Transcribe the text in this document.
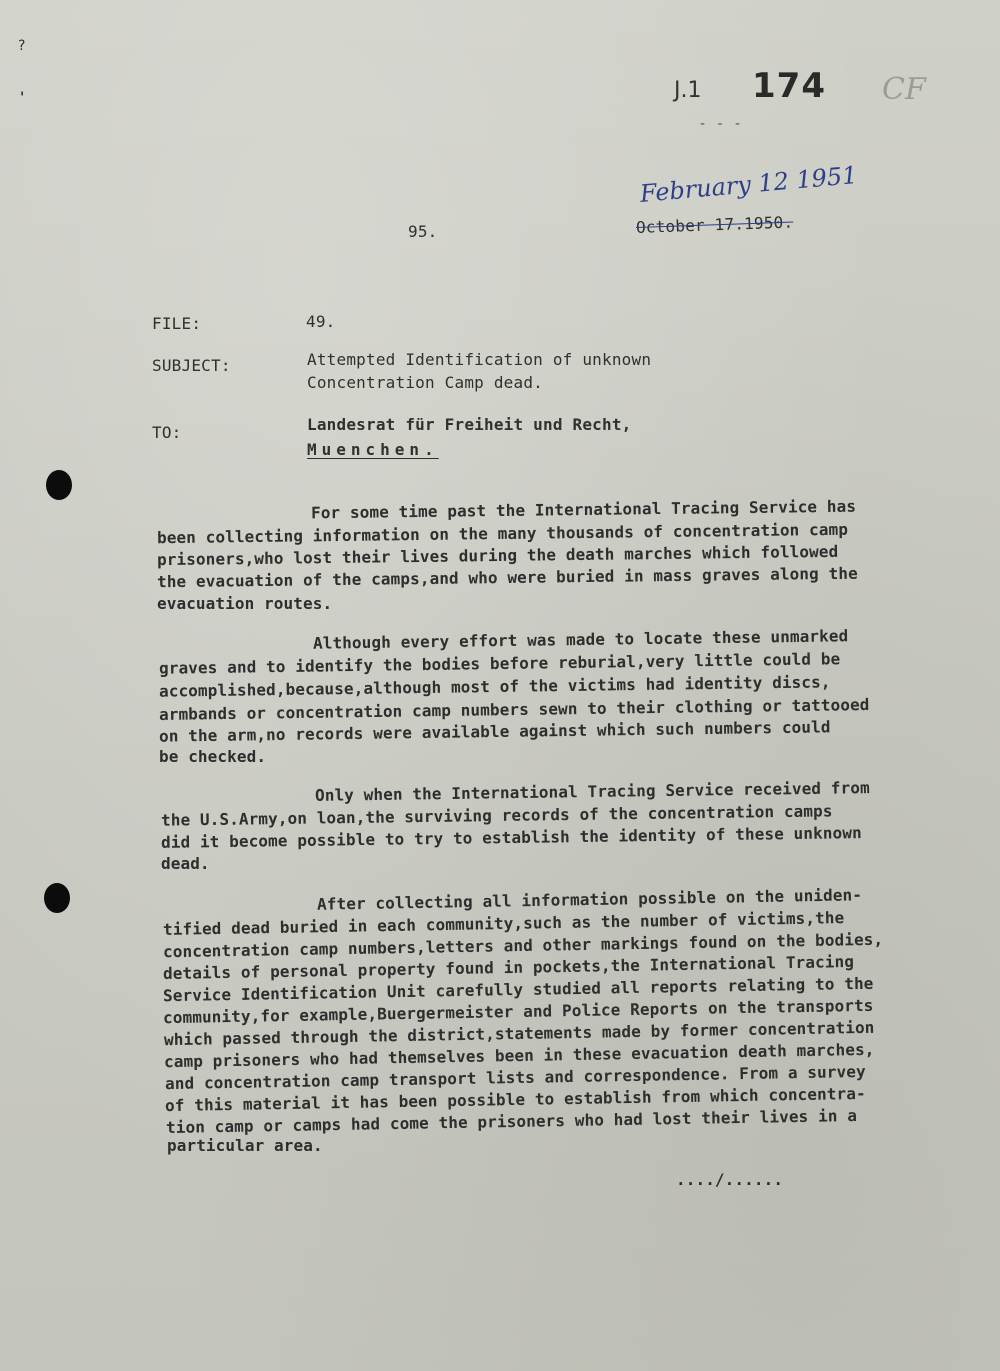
?
'	J.1 174 CF
- - -
February 12 1951
October 17.1950.
95.
FILE:	49.
SUBJECT:	Attempted Identification of unknown
Concentration Camp dead.
TO:	Landesrat für Freiheit und Recht,
Muenchen.
For some time past the International Tracing Service has
been collecting information on the many thousands of concentration camp
prisoners,who lost their lives during the death marches which followed
the evacuation of the camps,and who were buried in mass graves along the
evacuation routes.
Although every effort was made to locate these unmarked
graves and to identify the bodies before reburial,very little could be
accomplished,because,although most of the victims had identity discs,
armbands or concentration camp numbers sewn to their clothing or tattooed
on the arm,no records were available against which such numbers could
be checked.
Only when the International Tracing Service received from
the U.S.Army,on loan,the surviving records of the concentration camps
did it become possible to try to establish the identity of these unknown
dead.
After collecting all information possible on the uniden-
tified dead buried in each community,such as the number of victims,the
concentration camp numbers,letters and other markings found on the bodies,
details of personal property found in pockets,the International Tracing
Service Identification Unit carefully studied all reports relating to the
community,for example,Buergermeister and Police Reports on the transports
which passed through the district,statements made by former concentration
camp prisoners who had themselves been in these evacuation death marches,
and concentration camp transport lists and correspondence. From a survey
of this material it has been possible to establish from which concentra-
tion camp or camps had come the prisoners who had lost their lives in a
particular area.
..../......
